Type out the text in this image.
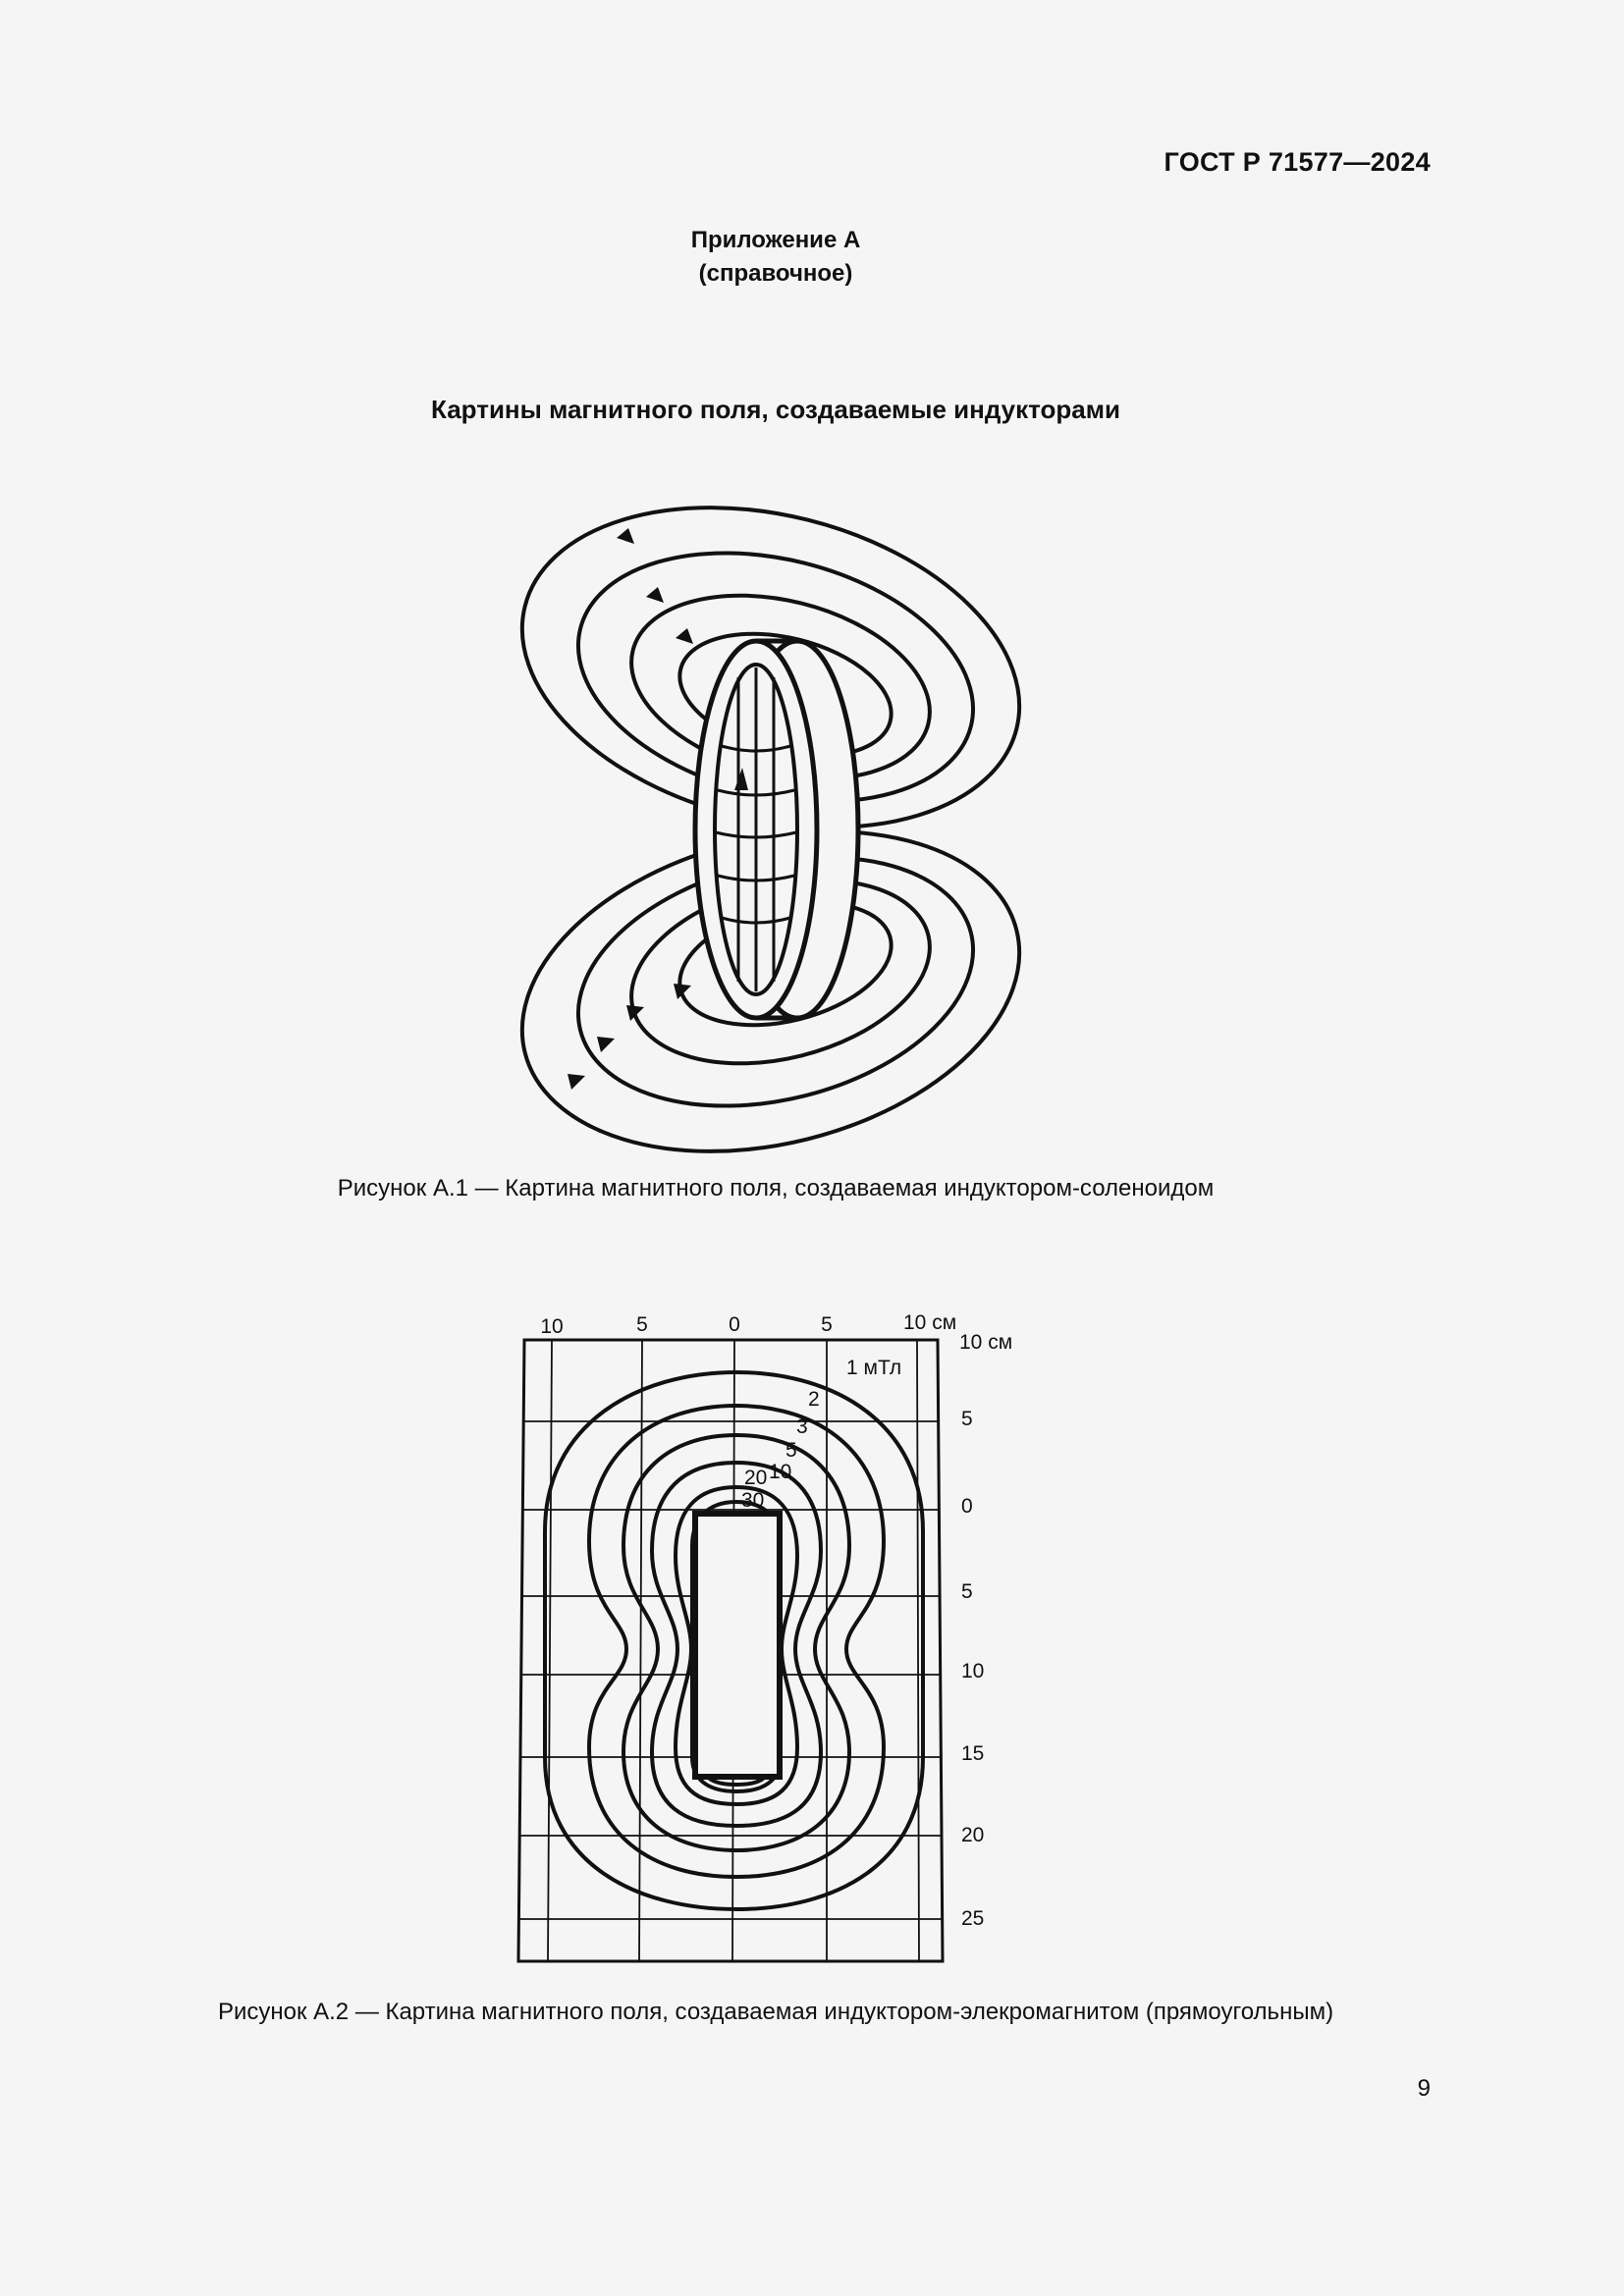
ГОСТ Р 71577—2024
Приложение А
(справочное)
Картины магнитного поля, создаваемые индукторами
Рисунок А.1 — Картина магнитного поля, создаваемая индуктором-соленоидом
10	5	0	5	10 см
10 см
5
0
5
10
15
20
25
1 мТл
2
3
5
10
20
30
Рисунок А.2 — Картина магнитного поля, создаваемая индуктором-элекромагнитом (прямоугольным)
9
